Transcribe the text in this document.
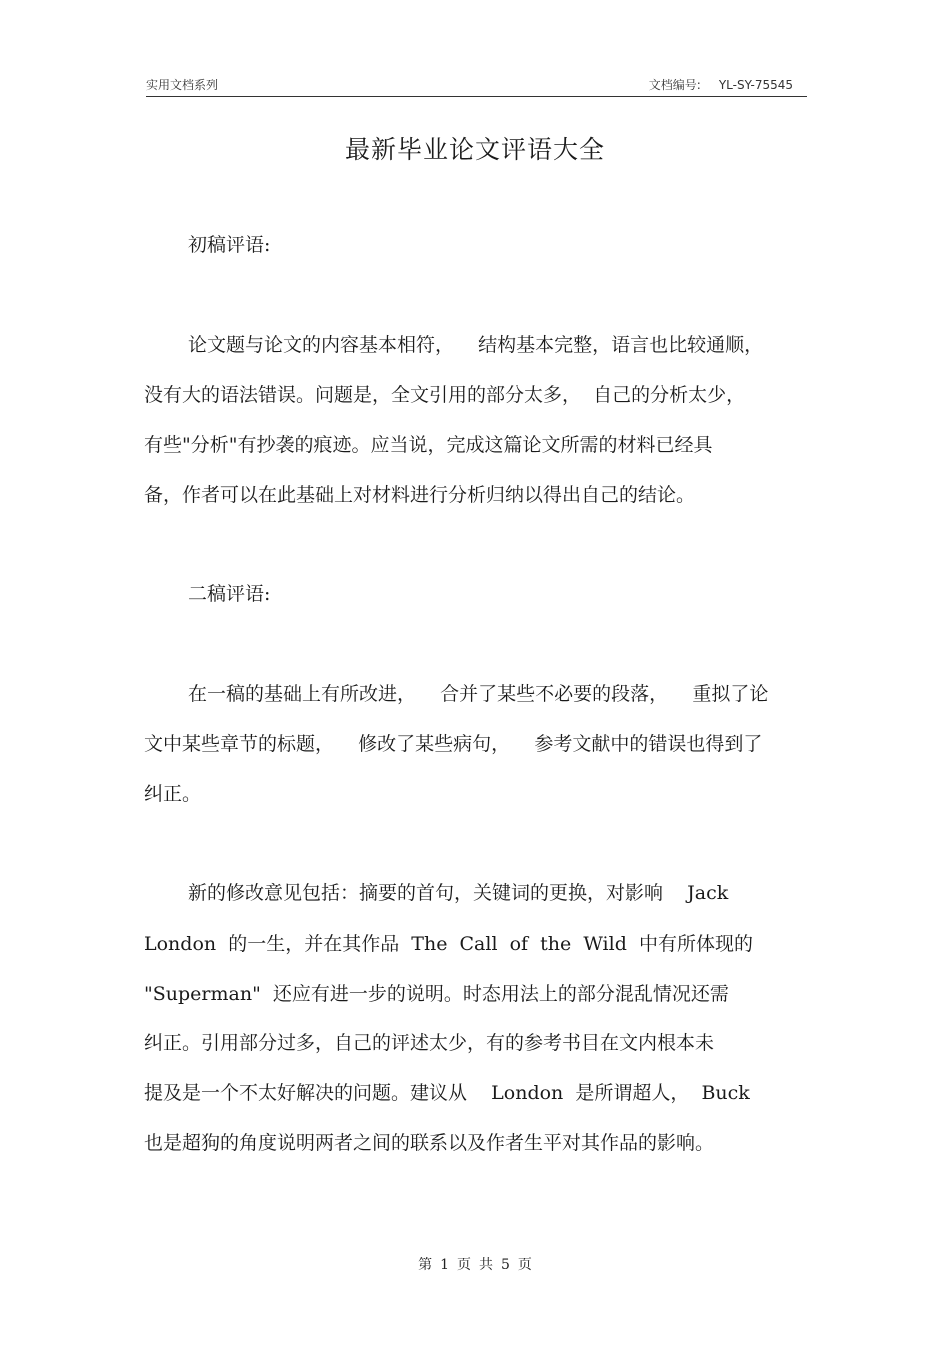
实用文档系列	文档编号: YL-SY-75545
最新毕业论文评语大全
初稿评语:
论文题与论文的内容基本相符，    结构基本完整，语言也比较通顺，
没有大的语法错误。问题是，全文引用的部分太多，  自己的分析太少，
有些"分析"有抄袭的痕迹。应当说，完成这篇论文所需的材料已经具
备，作者可以在此基础上对材料进行分析归纳以得出自己的结论。
二稿评语:
在一稿的基础上有所改进，    合并了某些不必要的段落，    重拟了论
文中某些章节的标题，    修改了某些病句，    参考文献中的错误也得到了
纠正。
新的修改意见包括：摘要的首句，关键词的更换，对影响    Jack
London  的一生，并在其作品  The  Call  of  the  Wild  中有所体现的
"Superman"  还应有进一步的说明。时态用法上的部分混乱情况还需
纠正。引用部分过多，自己的评述太少，有的参考书目在文内根本未
提及是一个不太好解决的问题。建议从    London  是所谓超人，  Buck
也是超狗的角度说明两者之间的联系以及作者生平对其作品的影响。
第 1 页 共 5 页
